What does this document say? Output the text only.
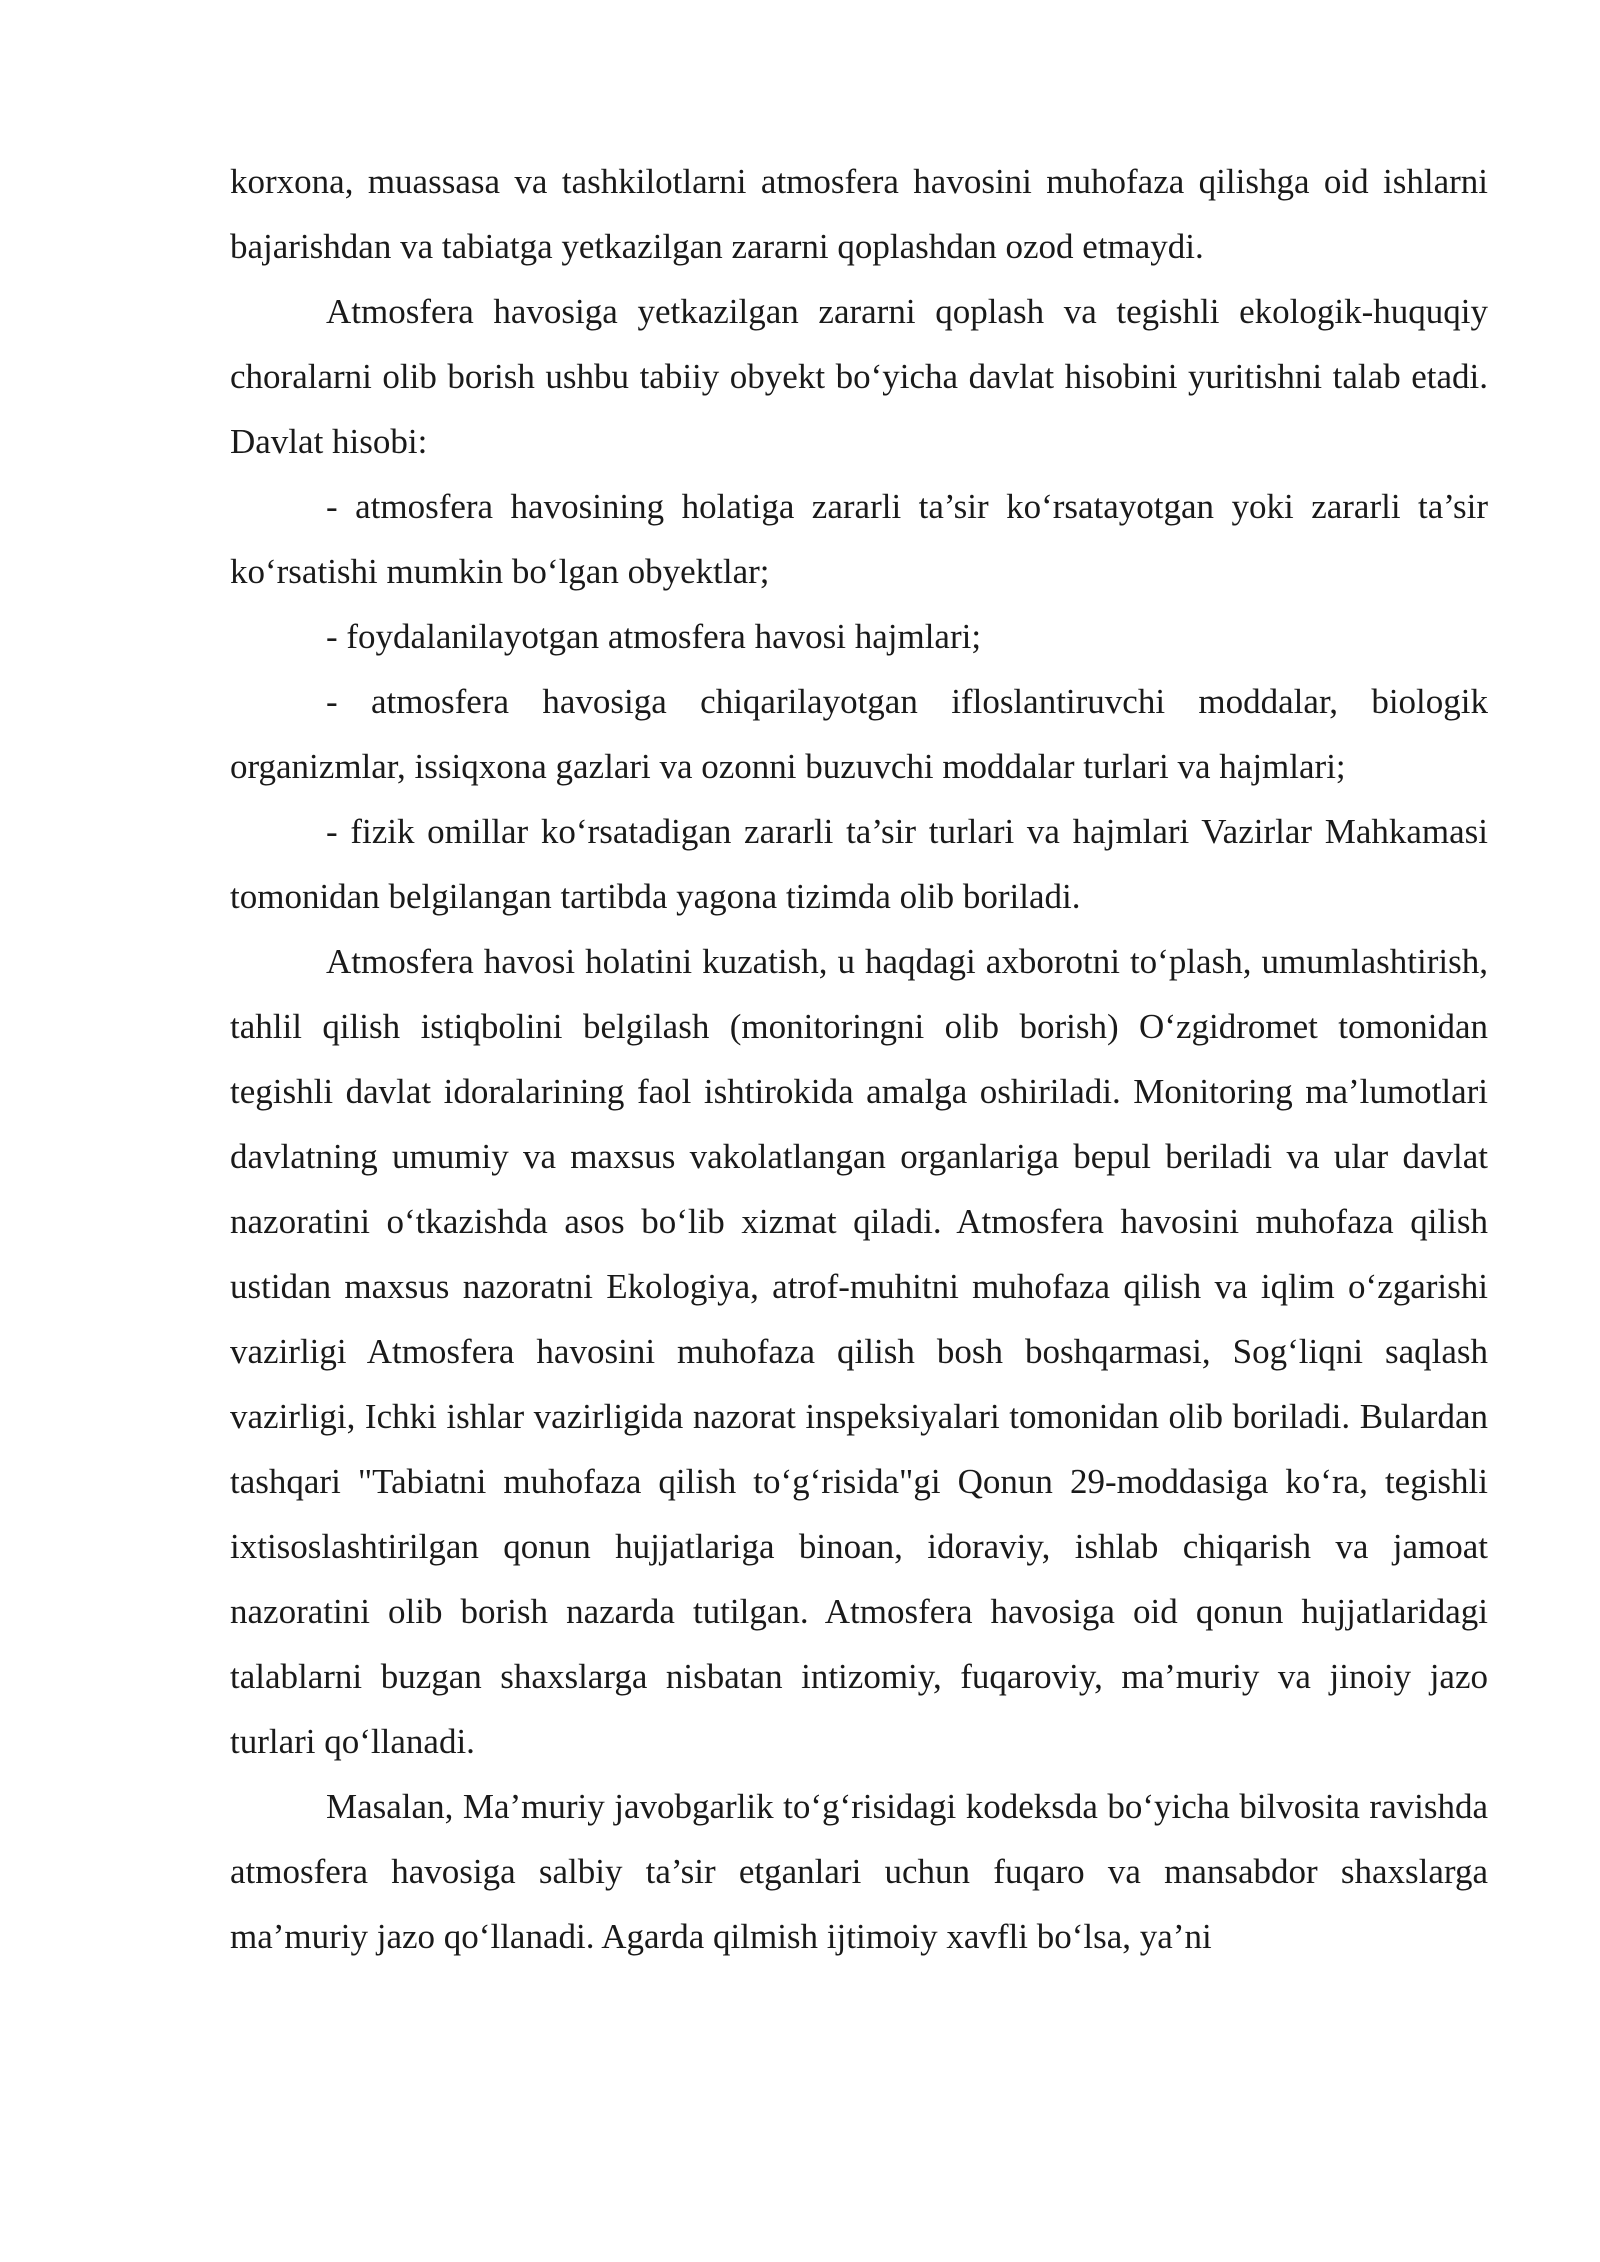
korxona, muassasa va tashkilotlarni atmosfera havosini muhofaza qilishga oid ishlarni bajarishdan va tabiatga yetkazilgan zararni qoplashdan ozod etmaydi.

Atmosfera havosiga yetkazilgan zararni qoplash va tegishli ekologik-huquqiy choralarni olib borish ushbu tabiiy obyekt bo‘yicha davlat hisobini yuritishni talab etadi. Davlat hisobi:

- atmosfera havosining holatiga zararli ta’sir ko‘rsatayotgan yoki zararli ta’sir ko‘rsatishi mumkin bo‘lgan obyektlar;

- foydalanilayotgan atmosfera havosi hajmlari;

- atmosfera havosiga chiqarilayotgan ifloslantiruvchi moddalar, biologik organizmlar, issiqxona gazlari va ozonni buzuvchi moddalar turlari va hajmlari;

- fizik omillar ko‘rsatadigan zararli ta’sir turlari va hajmlari Vazirlar Mahkamasi tomonidan belgilangan tartibda yagona tizimda olib boriladi.

Atmosfera havosi holatini kuzatish, u haqdagi axborotni to‘plash, umumlashtirish, tahlil qilish istiqbolini belgilash (monitoringni olib borish) O‘zgidromet tomonidan tegishli davlat idoralarining faol ishtirokida amalga oshiriladi. Monitoring ma’lumotlari davlatning umumiy va maxsus vakolatlangan organlariga bepul beriladi va ular davlat nazoratini o‘tkazishda asos bo‘lib xizmat qiladi. Atmosfera havosini muhofaza qilish ustidan maxsus nazoratni Ekologiya, atrof-muhitni muhofaza qilish va iqlim o‘zgarishi vazirligi Atmosfera havosini muhofaza qilish bosh boshqarmasi, Sog‘liqni saqlash vazirligi, Ichki ishlar vazirligida nazorat inspeksiyalari tomonidan olib boriladi. Bulardan tashqari "Tabiatni muhofaza qilish to‘g‘risida"gi Qonun 29-moddasiga ko‘ra, tegishli ixtisoslashtirilgan qonun hujjatlariga binoan, idoraviy, ishlab chiqarish va jamoat nazoratini olib borish nazarda tutilgan. Atmosfera havosiga oid qonun hujjatlaridagi talablarni buzgan shaxslarga nisbatan intizomiy, fuqaroviy, ma’muriy va jinoiy jazo turlari qo‘llanadi.

Masalan, Ma’muriy javobgarlik to‘g‘risidagi kodeksda bo‘yicha bilvosita ravishda atmosfera havosiga salbiy ta’sir etganlari uchun fuqaro va mansabdor shaxslarga ma’muriy jazo qo‘llanadi. Agarda qilmish ijtimoiy xavfli bo‘lsa, ya’ni
